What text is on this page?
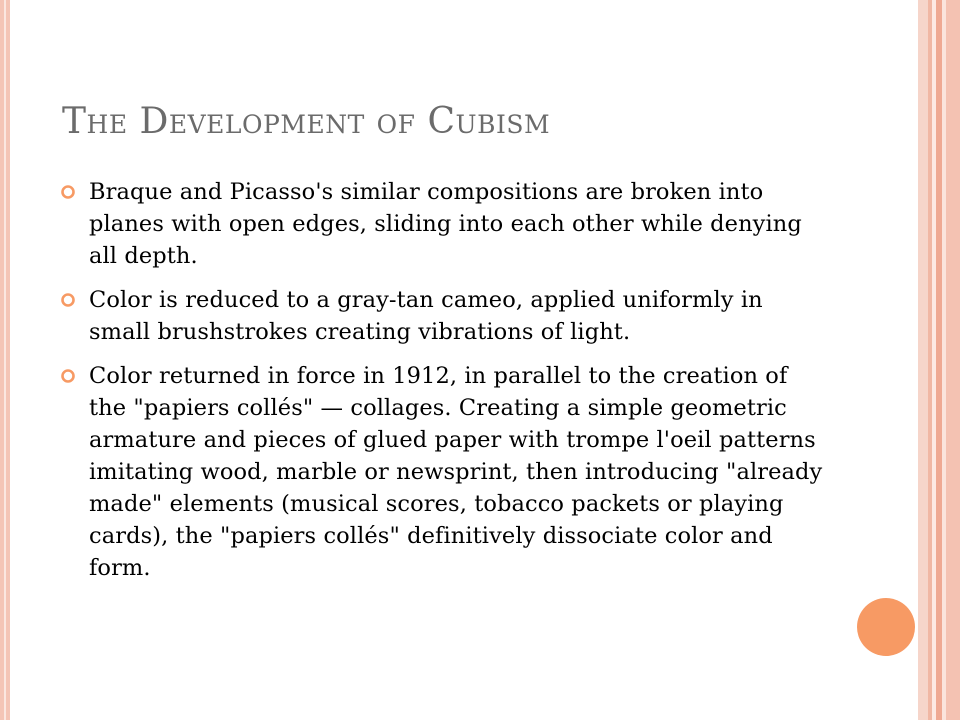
The Development of Cubism
Braque and Picasso's similar compositions are broken into planes with open edges, sliding into each other while denying all depth.
Color is reduced to a gray-tan cameo, applied uniformly in small brushstrokes creating vibrations of light.
Color returned in force in 1912, in parallel to the creation of the "papiers collés" — collages. Creating a simple geometric armature and pieces of glued paper with trompe l'oeil patterns imitating wood, marble or newsprint, then introducing "already made" elements (musical scores, tobacco packets or playing cards), the "papiers collés" definitively dissociate color and form.
